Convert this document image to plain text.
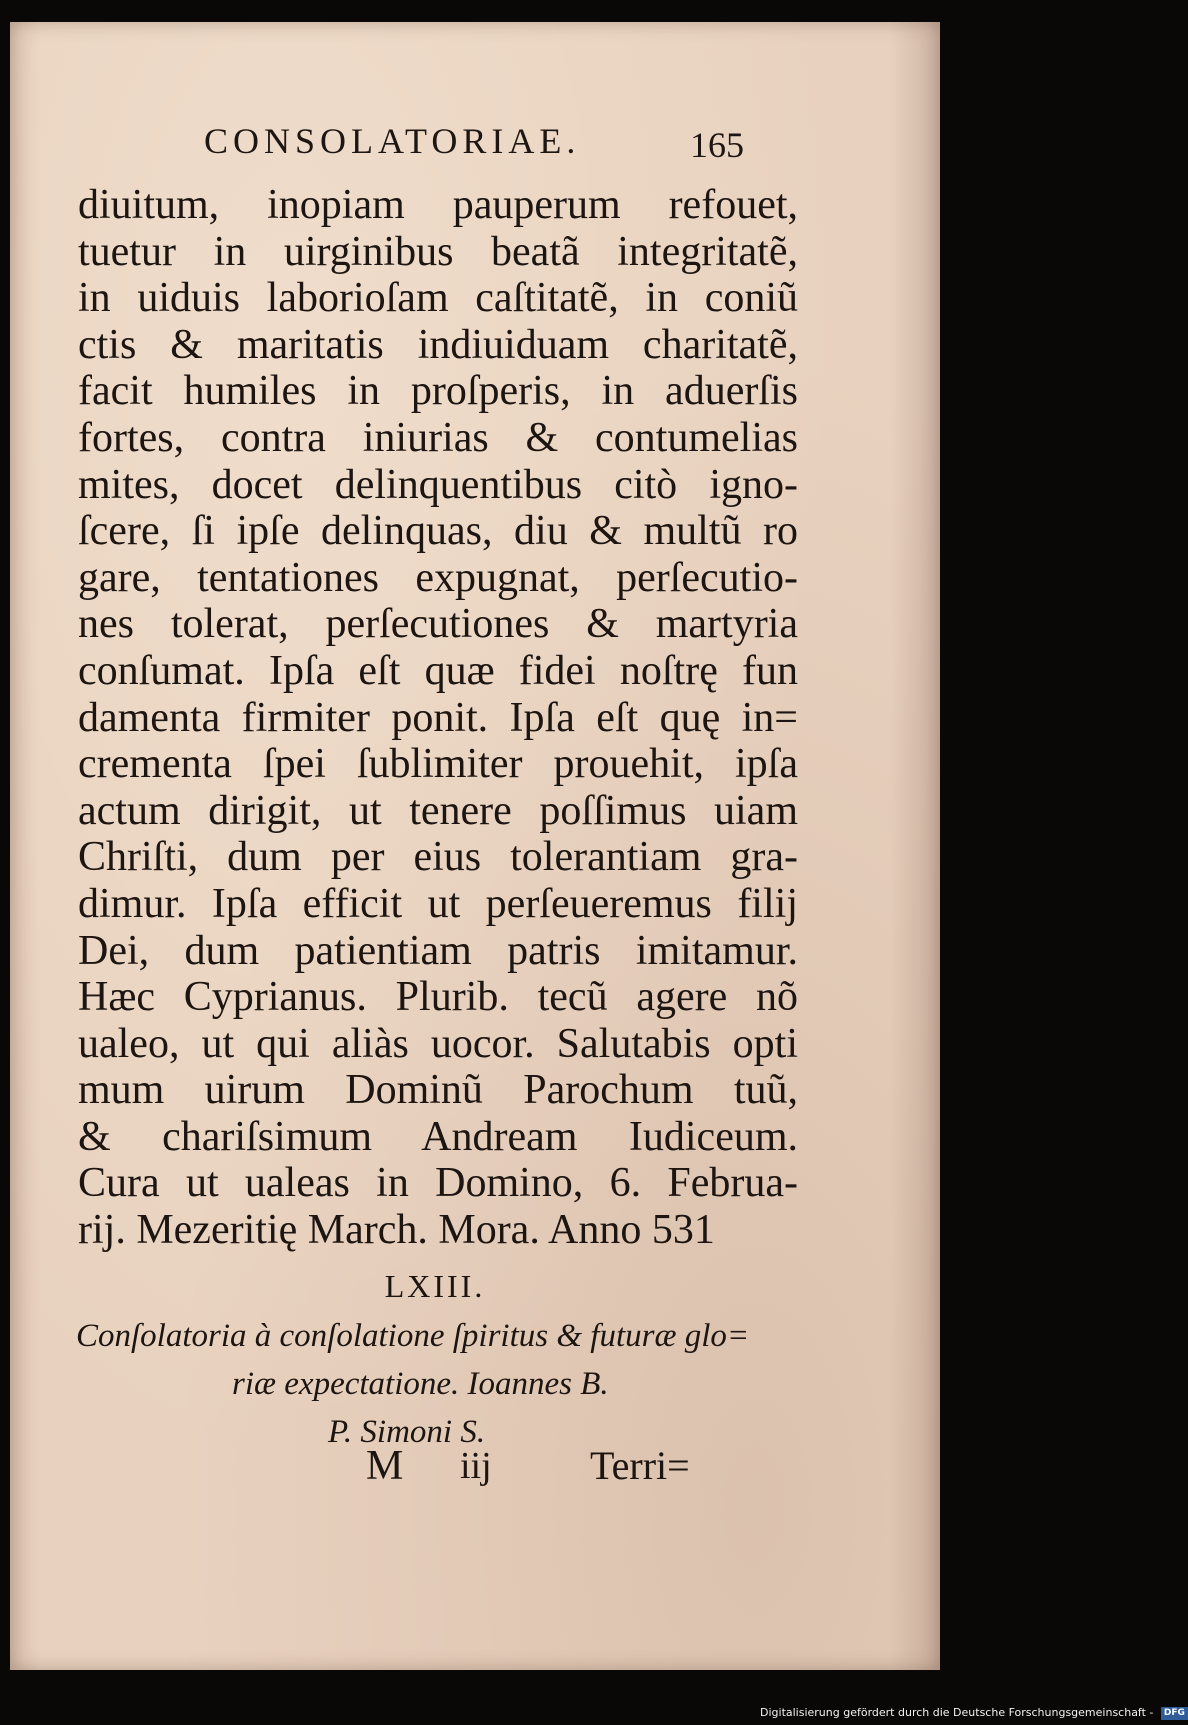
CONSOLATORIAE.	165
diuitum, inopiam pauperum refouet,
tuetur in uirginibus beatã integritatẽ,
in uiduis laborioſam caſtitatẽ, in coniũ
ctis & maritatis indiuiduam charitatẽ,
facit humiles in proſperis, in aduerſis
fortes, contra iniurias & contumelias
mites, docet delinquentibus citò igno-
ſcere, ſi ipſe delinquas, diu & multũ ro
gare, tentationes expugnat, perſecutio-
nes tolerat, perſecutiones & martyria
conſumat. Ipſa eſt quæ fidei noſtrę fun
damenta firmiter ponit. Ipſa eſt quę in=
crementa ſpei ſublimiter prouehit, ipſa
actum dirigit, ut tenere poſſimus uiam
Chriſti, dum per eius tolerantiam gra-
dimur. Ipſa efficit ut perſeueremus filij
Dei, dum patientiam patris imitamur.
Hæc Cyprianus. Plurib. tecũ agere nõ
ualeo, ut qui aliàs uocor. Salutabis opti
mum uirum Dominũ Parochum tuũ,
& chariſsimum Andream Iudiceum.
Cura ut ualeas in Domino, 6. Februa-
rij. Mezeritię March. Mora. Anno 531
LXIII.
Conſolatoria à conſolatione ſpiritus & futuræ glo=
riæ expectatione. Ioannes B.
P. Simoni S.
M iij Terri=
Digitalisierung gefördert durch die Deutsche Forschungsgemeinschaft - DFG
